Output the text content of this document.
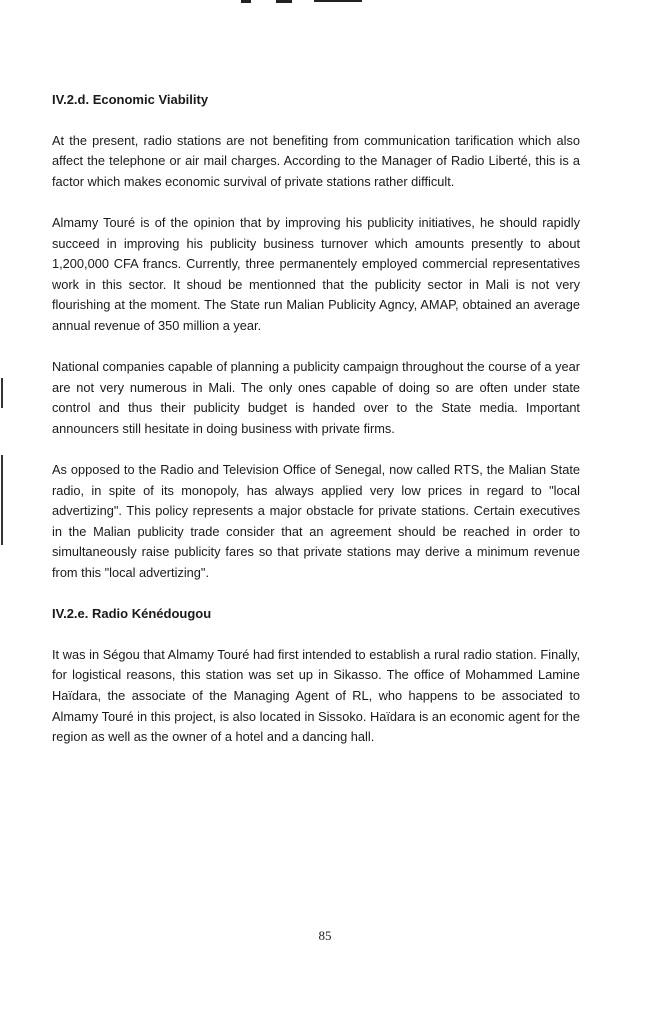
IV.2.d. Economic Viability

At the present, radio stations are not benefiting from communication tarification which also affect the telephone or air mail charges. According to the Manager of Radio Liberté, this is a factor which makes economic survival of private stations rather difficult.

Almamy Touré is of the opinion that by improving his publicity initiatives, he should rapidly succeed in improving his publicity business turnover which amounts presently to about 1,200,000 CFA francs. Currently, three permanentely employed commercial representatives work in this sector. It shoud be mentionned that the publicity sector in Mali is not very flourishing at the moment. The State run Malian Publicity Agncy, AMAP, obtained an average annual revenue of 350 million a year.

National companies capable of planning a publicity campaign throughout the course of a year are not very numerous in Mali. The only ones capable of doing so are often under state control and thus their publicity budget is handed over to the State media. Important announcers still hesitate in doing business with private firms.

As opposed to the Radio and Television Office of Senegal, now called RTS, the Malian State radio, in spite of its monopoly, has always applied very low prices in regard to "local advertizing". This policy represents a major obstacle for private stations. Certain executives in the Malian publicity trade consider that an agreement should be reached in order to simultaneously raise publicity fares so that private stations may derive a minimum revenue from this "local advertizing".

IV.2.e. Radio Kénédougou

It was in Ségou that Almamy Touré had first intended to establish a rural radio station. Finally, for logistical reasons, this station was set up in Sikasso. The office of Mohammed Lamine Haïdara, the associate of the Managing Agent of RL, who happens to be associated to Almamy Touré in this project, is also located in Sissoko. Haïdara is an economic agent for the region as well as the owner of a hotel and a dancing hall.

85
